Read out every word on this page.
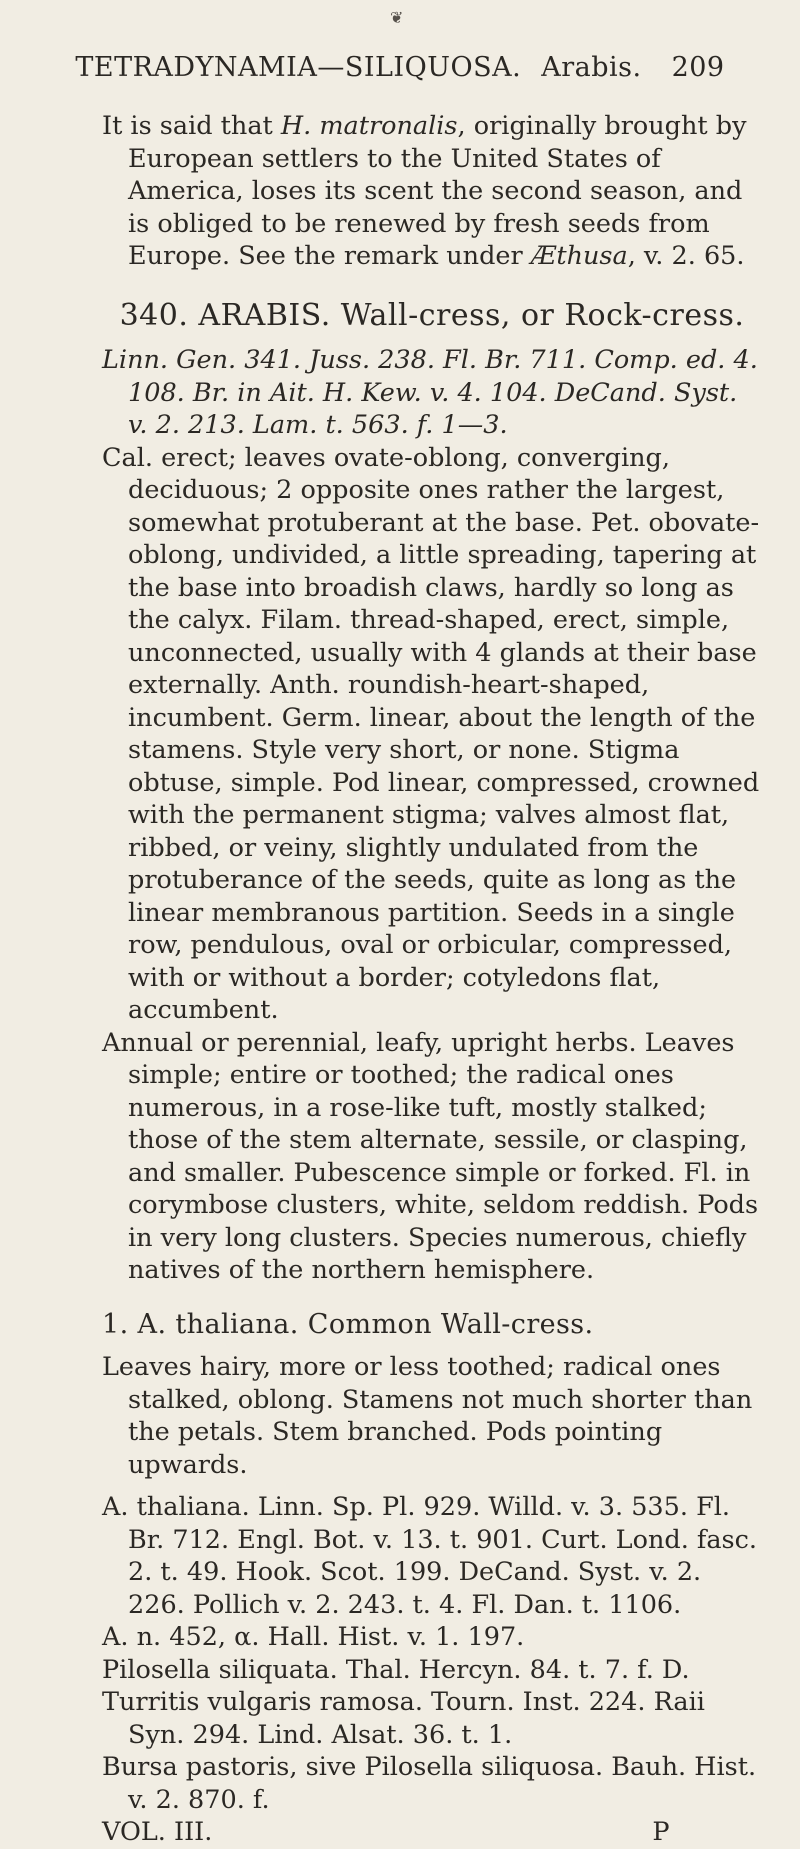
❦
TETRADYNAMIA—SILIQUOSA. Arabis. 209

It is said that H. matronalis, originally brought by European settlers to the United States of America, loses its scent the second season, and is obliged to be renewed by fresh seeds from Europe. See the remark under Æthusa, v. 2. 65.

340. ARABIS. Wall-cress, or Rock-cress.

Linn. Gen. 341. Juss. 238. Fl. Br. 711. Comp. ed. 4. 108. Br. in Ait. H. Kew. v. 4. 104. DeCand. Syst. v. 2. 213. Lam. t. 563. f. 1—3.

Cal. erect; leaves ovate-oblong, converging, deciduous; 2 opposite ones rather the largest, somewhat protuberant at the base. Pet. obovate-oblong, undivided, a little spreading, tapering at the base into broadish claws, hardly so long as the calyx. Filam. thread-shaped, erect, simple, unconnected, usually with 4 glands at their base externally. Anth. roundish-heart-shaped, incumbent. Germ. linear, about the length of the stamens. Style very short, or none. Stigma obtuse, simple. Pod linear, compressed, crowned with the permanent stigma; valves almost flat, ribbed, or veiny, slightly undulated from the protuberance of the seeds, quite as long as the linear membranous partition. Seeds in a single row, pendulous, oval or orbicular, compressed, with or without a border; cotyledons flat, accumbent.

Annual or perennial, leafy, upright herbs. Leaves simple; entire or toothed; the radical ones numerous, in a rose-like tuft, mostly stalked; those of the stem alternate, sessile, or clasping, and smaller. Pubescence simple or forked. Fl. in corymbose clusters, white, seldom reddish. Pods in very long clusters. Species numerous, chiefly natives of the northern hemisphere.

1. A. thaliana. Common Wall-cress.

Leaves hairy, more or less toothed; radical ones stalked, oblong. Stamens not much shorter than the petals. Stem branched. Pods pointing upwards.

A. thaliana. Linn. Sp. Pl. 929. Willd. v. 3. 535. Fl. Br. 712. Engl. Bot. v. 13. t. 901. Curt. Lond. fasc. 2. t. 49. Hook. Scot. 199. DeCand. Syst. v. 2. 226. Pollich v. 2. 243. t. 4. Fl. Dan. t. 1106.

A. n. 452, α. Hall. Hist. v. 1. 197.

Pilosella siliquata. Thal. Hercyn. 84. t. 7. f. D.

Turritis vulgaris ramosa. Tourn. Inst. 224. Raii Syn. 294. Lind. Alsat. 36. t. 1.

Bursa pastoris, sive Pilosella siliquosa. Bauh. Hist. v. 2. 870. f.

VOL. III.	P
